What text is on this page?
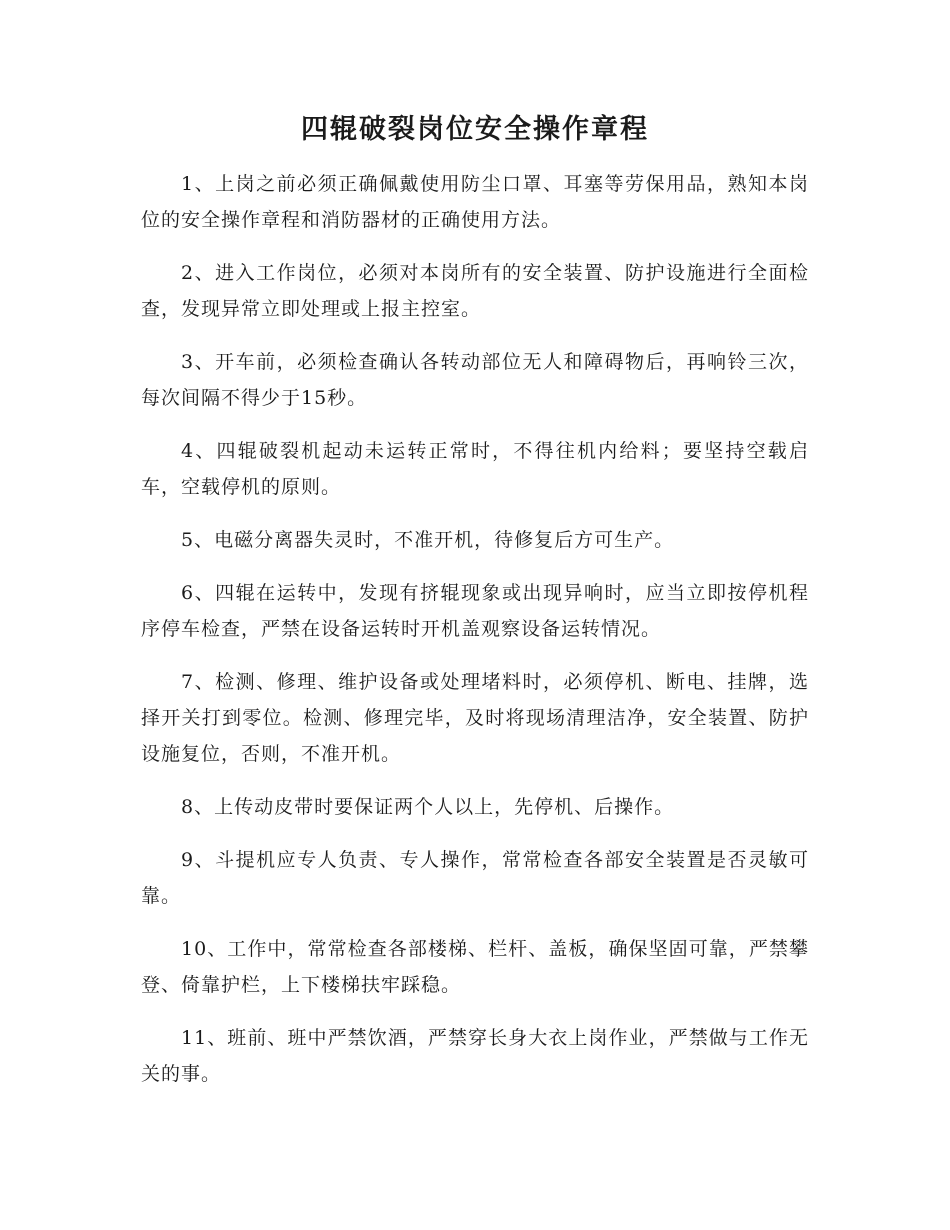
四辊破裂岗位安全操作章程

1、上岗之前必须正确佩戴使用防尘口罩、耳塞等劳保用品，熟知本岗位的安全操作章程和消防器材的正确使用方法。

2、进入工作岗位，必须对本岗所有的安全装置、防护设施进行全面检查，发现异常立即处理或上报主控室。

3、开车前，必须检查确认各转动部位无人和障碍物后，再响铃三次，每次间隔不得少于15秒。

4、四辊破裂机起动未运转正常时，不得往机内给料；要坚持空载启车，空载停机的原则。

5、电磁分离器失灵时，不准开机，待修复后方可生产。

6、四辊在运转中，发现有挤辊现象或出现异响时，应当立即按停机程序停车检查，严禁在设备运转时开机盖观察设备运转情况。

7、检测、修理、维护设备或处理堵料时，必须停机、断电、挂牌，选择开关打到零位。检测、修理完毕，及时将现场清理洁净，安全装置、防护设施复位，否则，不准开机。

8、上传动皮带时要保证两个人以上，先停机、后操作。

9、斗提机应专人负责、专人操作，常常检查各部安全装置是否灵敏可靠。

10、工作中，常常检查各部楼梯、栏杆、盖板，确保坚固可靠，严禁攀登、倚靠护栏，上下楼梯扶牢踩稳。

11、班前、班中严禁饮酒，严禁穿长身大衣上岗作业，严禁做与工作无关的事。
